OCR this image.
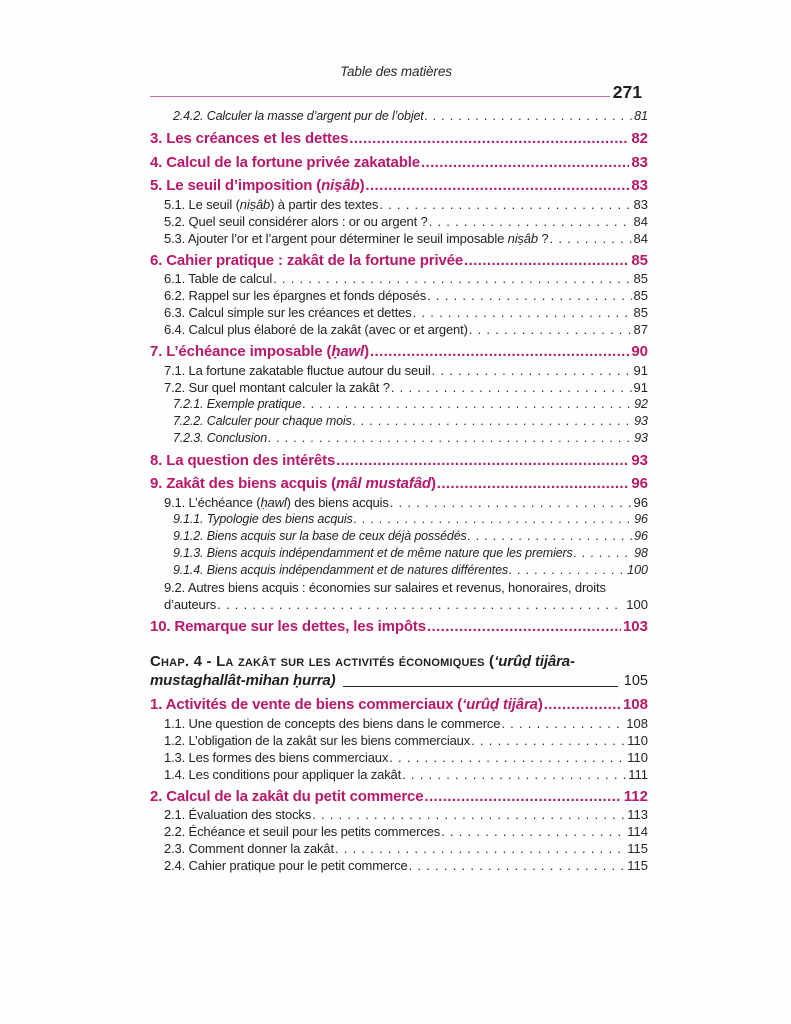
Table des matières
271
2.4.2. Calculer la masse d’argent pur de l’objet . . .	81
3. Les créances et les dettes .....	82
4. Calcul de la fortune privée zakatable .....	83
5. Le seuil d’imposition (niṣâb) .....	83
5.1. Le seuil (niṣâb) à partir des textes . . .	83
5.2. Quel seuil considérer alors : or ou argent ? . . .	84
5.3. Ajouter l’or et l’argent pour déterminer le seuil imposable niṣâb ? . . .	84
6. Cahier pratique : zakât de la fortune privée .....	85
6.1. Table de calcul . . .	85
6.2. Rappel sur les épargnes et fonds déposés . . .	85
6.3. Calcul simple sur les créances et dettes . . .	85
6.4. Calcul plus élaboré de la zakât (avec or et argent) . . .	87
7. L’échéance imposable (ḥawl) .....	90
7.1. La fortune zakatable fluctue autour du seuil . . .	91
7.2. Sur quel montant calculer la zakât ? . . .	91
7.2.1. Exemple pratique . . .	92
7.2.2. Calculer pour chaque mois . . .	93
7.2.3. Conclusion . . .	93
8. La question des intérêts .....	93
9. Zakât des biens acquis (mâl mustafâd) .....	96
9.1. L’échéance (ḥawl) des biens acquis . . .	96
9.1.1. Typologie des biens acquis . . .	96
9.1.2. Biens acquis sur la base de ceux déjà possédés . . .	96
9.1.3. Biens acquis indépendamment et de même nature que les premiers . . .	98
9.1.4. Biens acquis indépendamment et de natures différentes . . .	100
9.2. Autres biens acquis : économies sur salaires et revenus, honoraires, droits
d’auteurs . . .	100
10. Remarque sur les dettes, les impôts .....	103
Chap. 4 - La zakât sur les activités économiques (‘urûḍ tijâra-
mustaghallât-mihan ḥurra)	105
1. Activités de vente de biens commerciaux (‘urûḍ tijâra) .....	108
1.1. Une question de concepts des biens dans le commerce . . .	108
1.2. L’obligation de la zakât sur les biens commerciaux . . .	110
1.3. Les formes des biens commerciaux . . .	110
1.4. Les conditions pour appliquer la zakât . . .	111
2. Calcul de la zakât du petit commerce .....	112
2.1. Évaluation des stocks . . .	113
2.2. Échéance et seuil pour les petits commerces . . .	114
2.3. Comment donner la zakât . . .	115
2.4. Cahier pratique pour le petit commerce . . .	115
